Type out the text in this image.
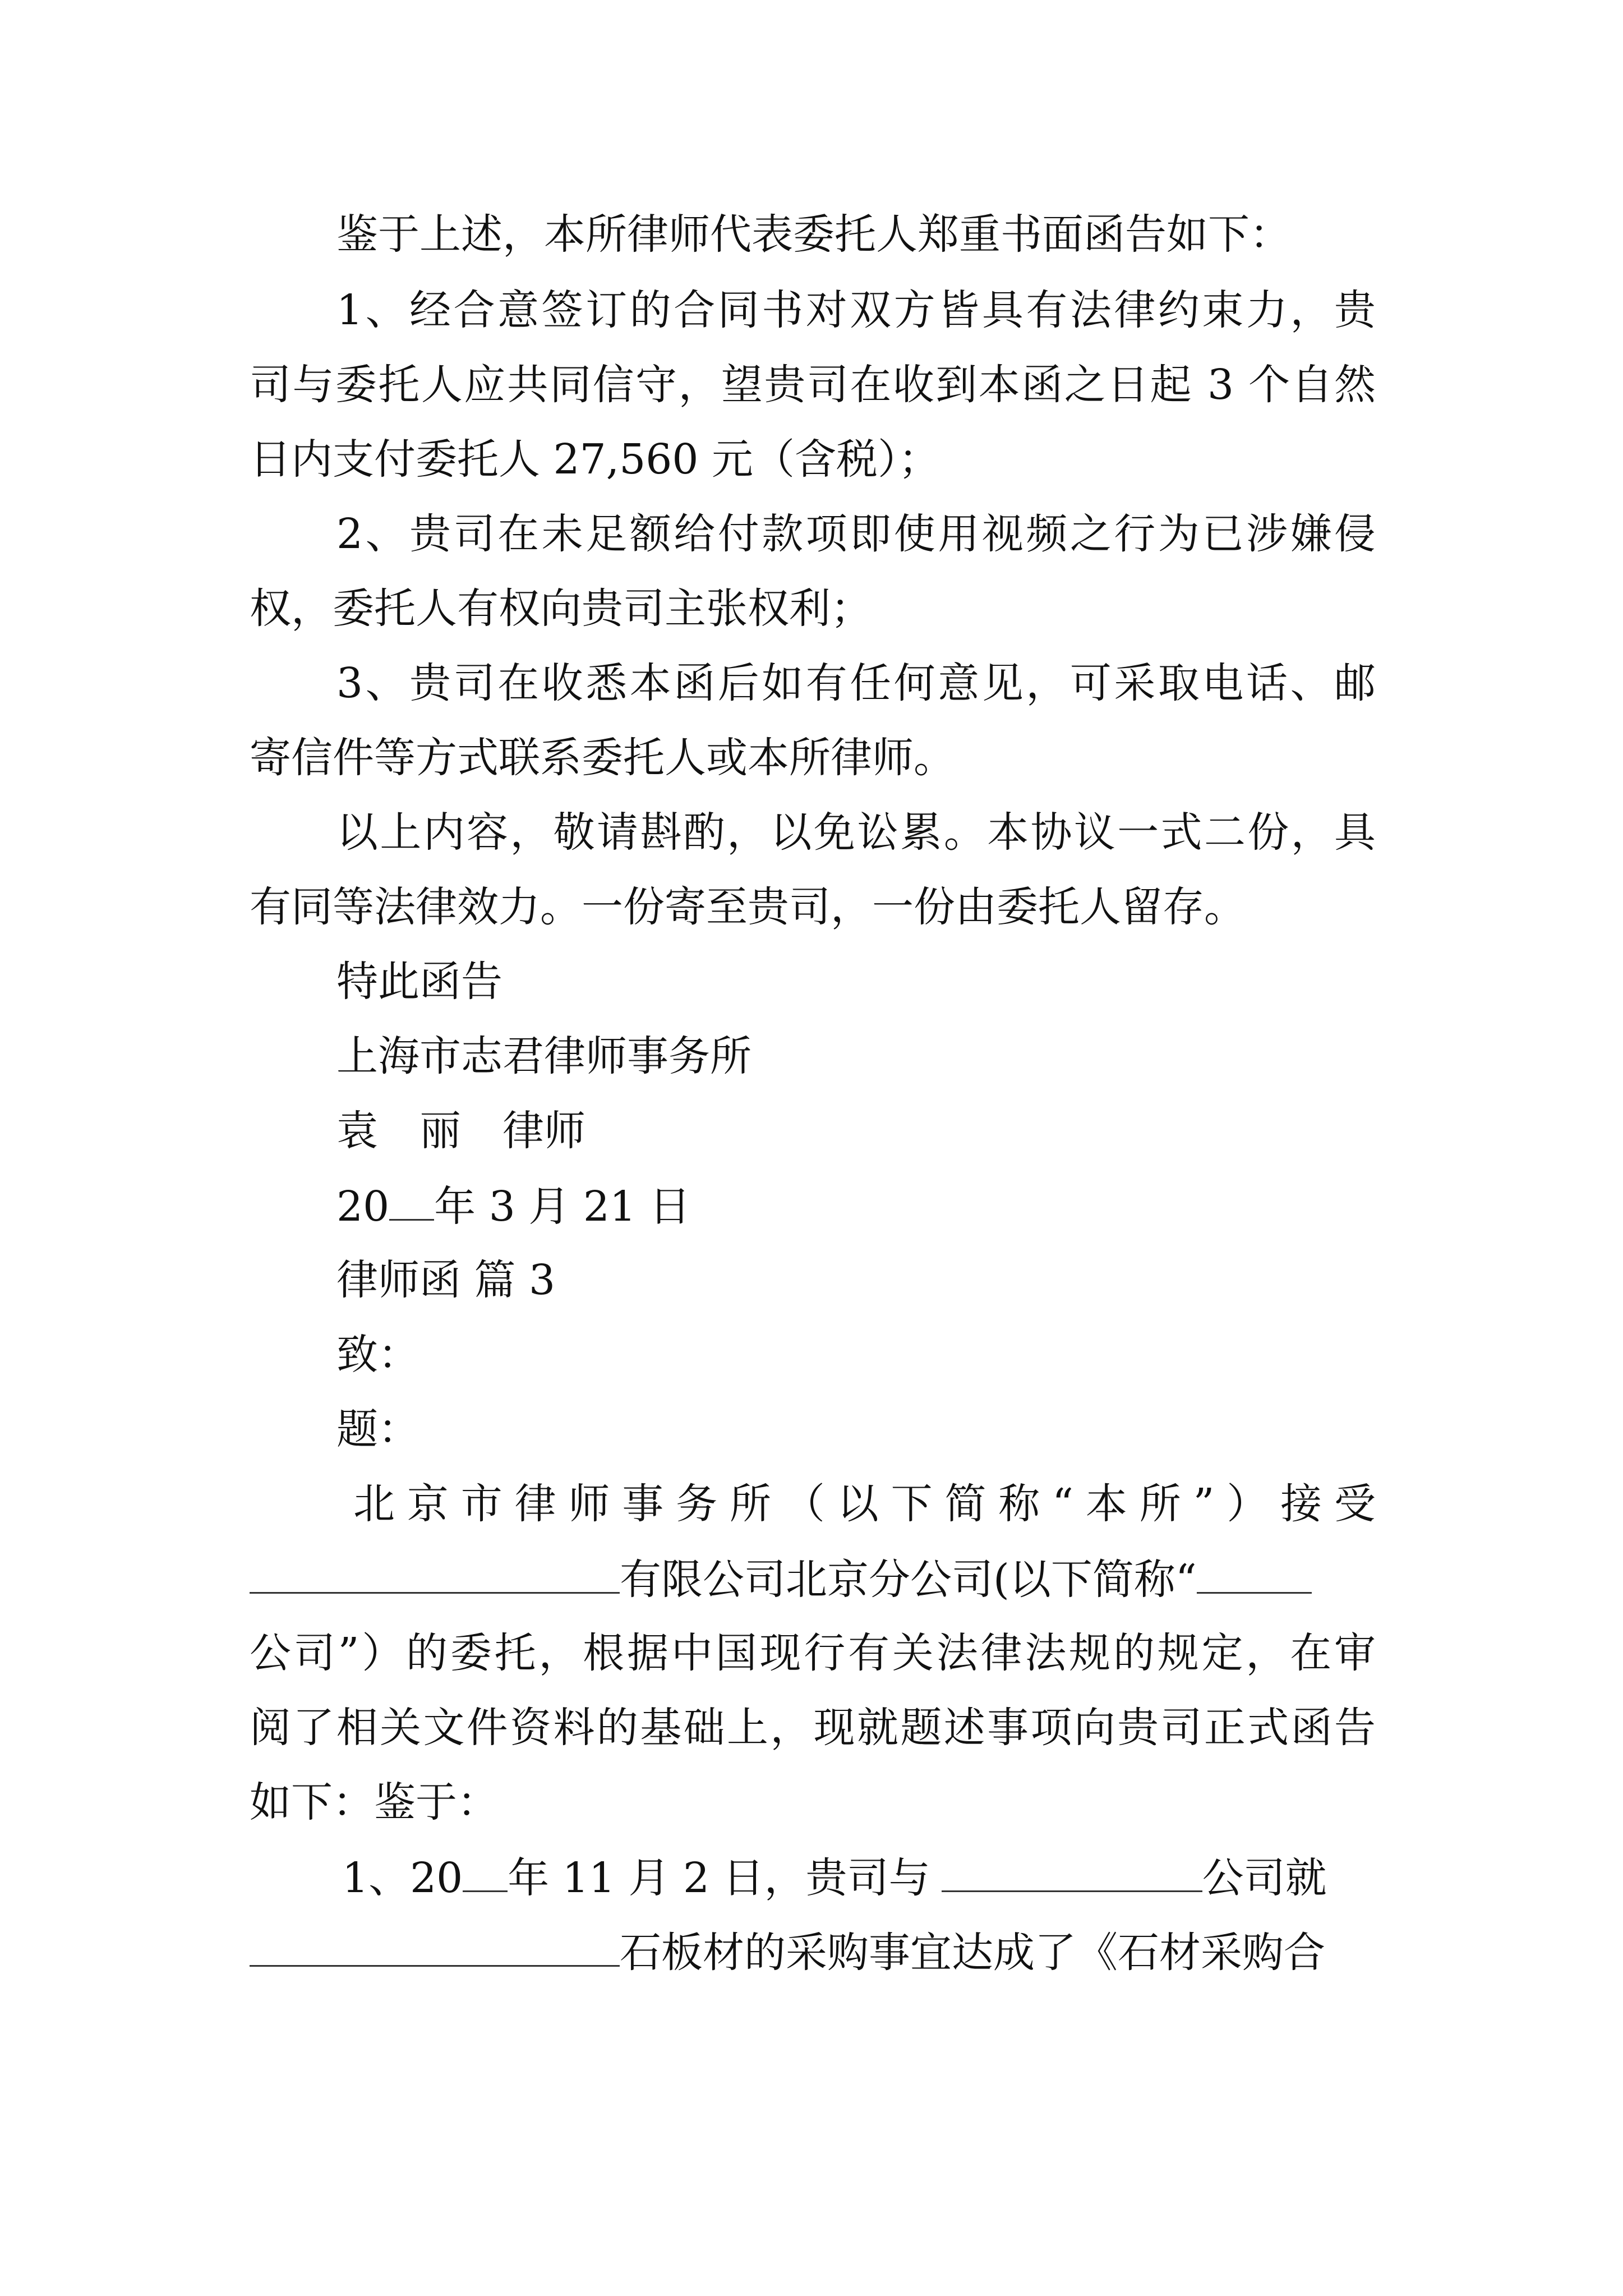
鉴于上述，本所律师代表委托人郑重书面函告如下：
1、经合意签订的合同书对双方皆具有法律约束力，贵
司与委托人应共同信守，望贵司在收到本函之日起 3 个自然
日内支付委托人 27,560 元（含税）；
2、贵司在未足额给付款项即使用视频之行为已涉嫌侵
权，委托人有权向贵司主张权利；
3、贵司在收悉本函后如有任何意见，可采取电话、邮
寄信件等方式联系委托人或本所律师。
以上内容，敬请斟酌，以免讼累。本协议一式二份，具
有同等法律效力。一份寄至贵司，一份由委托人留存。
特此函告
上海市志君律师事务所
袁　丽　律师
20 年 3 月 21 日
律师函 篇 3
致：
题：
北京市律师事务所（以下简称“本所”）接受
有限公司北京分公司(以下简称“
公司”）的委托，根据中国现行有关法律法规的规定，在审
阅了相关文件资料的基础上，现就题述事项向贵司正式函告
如下：鉴于：
1、20 年 11 月 2 日，贵司与	公司就
石板材的采购事宜达成了《石材采购合
